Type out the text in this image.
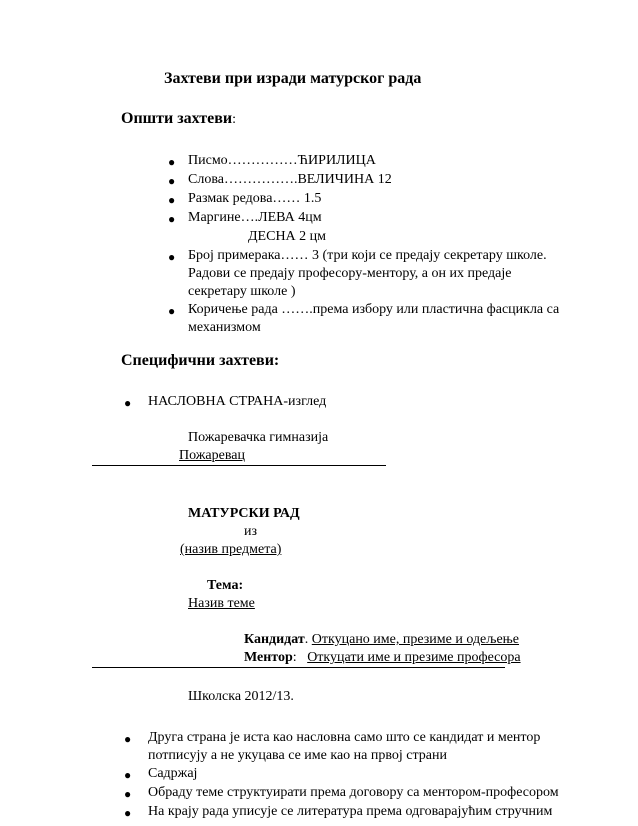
Захтеви при изради матурског рада
Општи захтеви:
● Писмо……………ЋИРИЛИЦА
● Слова…………….ВЕЛИЧИНА 12
● Размак редова…… 1.5
● Маргине….ЛЕВА 4цм
ДЕСНА 2 цм
● Број примерака…… 3 (три који се предају секретару школе.
Радови се предају професору-ментору, а он их предаје
секретару школе )
● Коричење рада …….према избору или пластична фасцикла са
механизмом
Специфични захтеви:
● НАСЛОВНА СТРАНА-изглед
Пожаревачка гимназија
Пожаревац
МАТУРСКИ РАД
из
(назив предмета)
Тема:
Назив теме
Кандидат. Откуцано име, презиме и одељење
Ментор:   Откуцати име и презиме професора
Школска 2012/13.
● Друга страна је иста као насловна само што се кандидат и ментор
потписују а не укуцава се име као на првој страни
● Садржај
● Обраду теме структуирати према договору са ментором-професором
● На крају рада уписује се литература према одговарајућим стручним
